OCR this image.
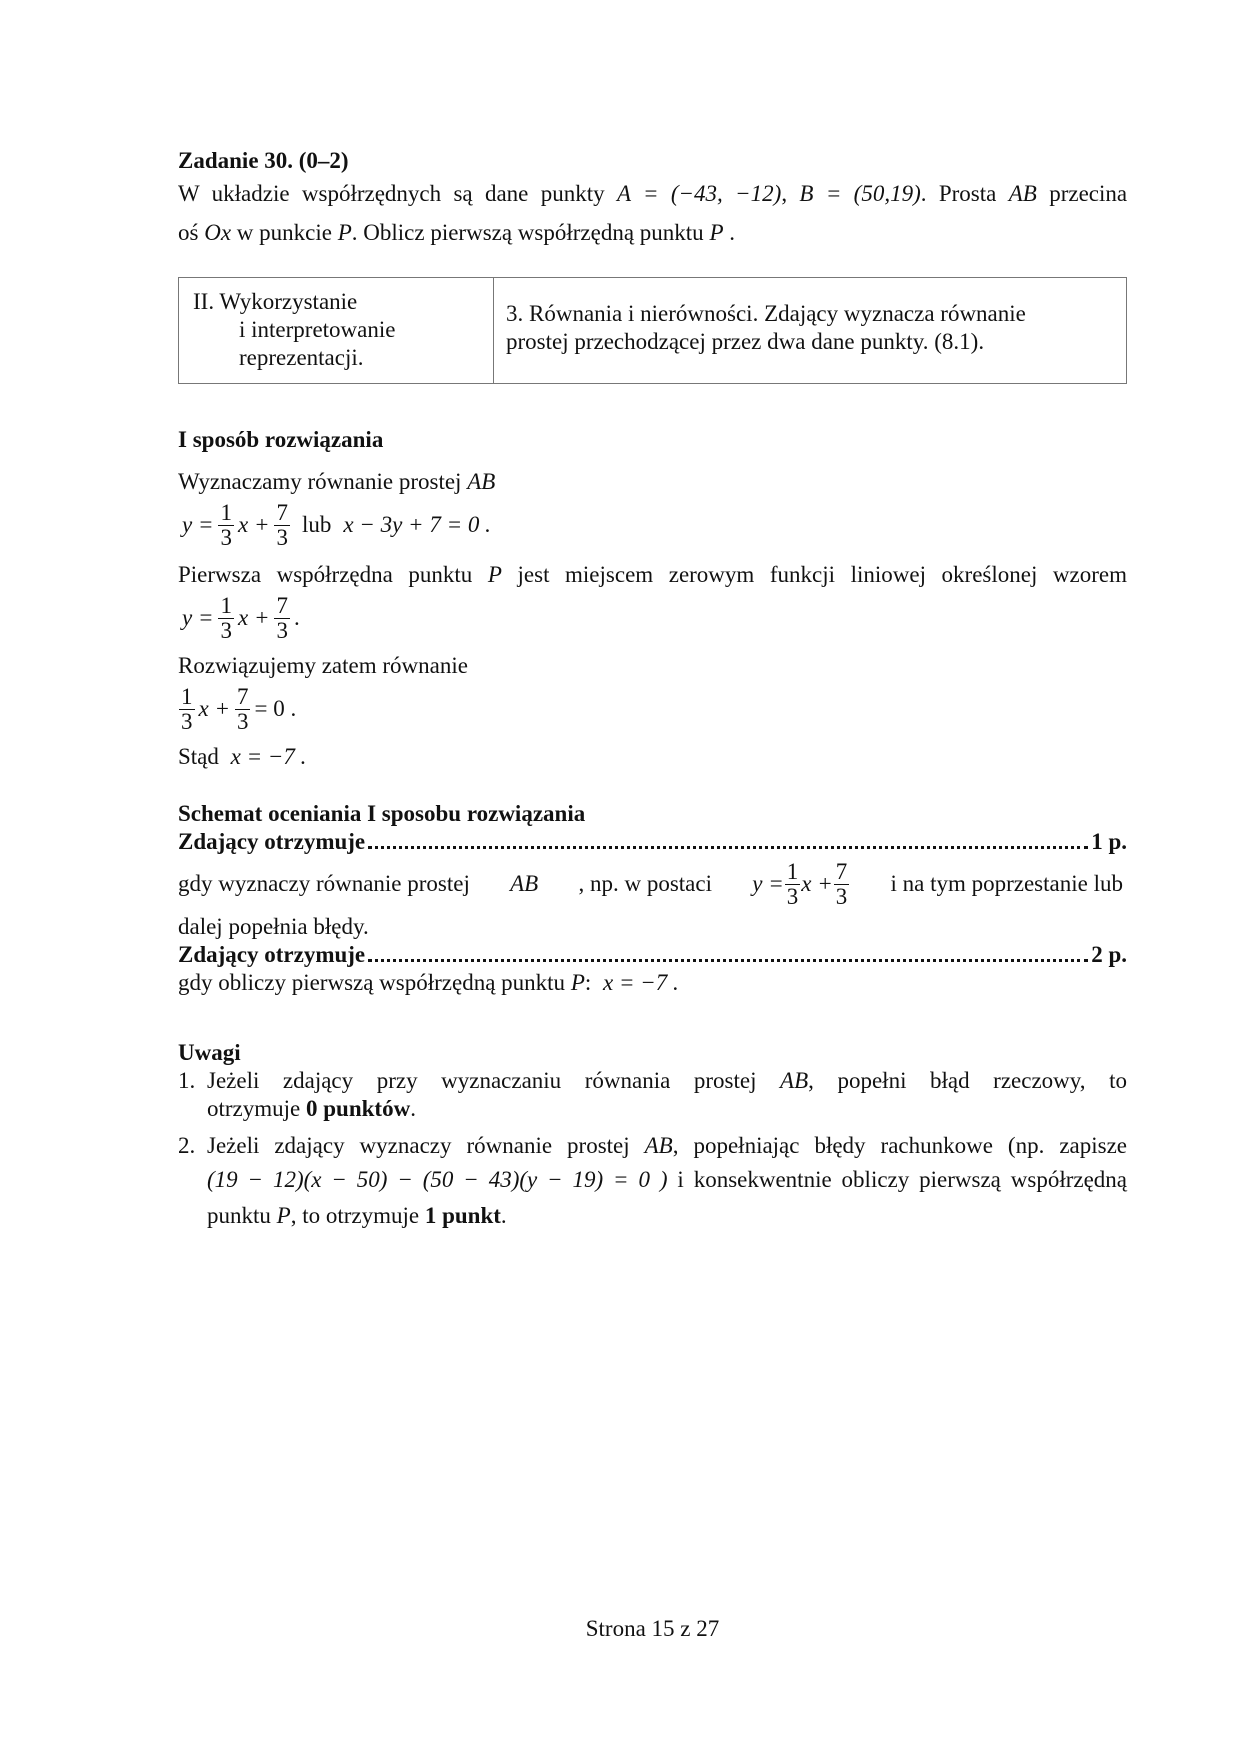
Zadanie 30. (0–2)
W układzie współrzędnych są dane punkty A = (−43, −12), B = (50,19). Prosta AB przecina
oś Ox w punkcie P. Oblicz pierwszą współrzędną punktu P .
II. Wykorzystanie
i interpretowanie
reprezentacji.

3. Równania i nierówności. Zdający wyznacza równanie
prostej przechodzącej przez dwa dane punkty. (8.1).
I sposób rozwiązania
Wyznaczamy równanie prostej AB
$y = \frac{1}{3}$ $x + \frac{7}{3}$ lub x − 3y + 7 = 0 .
Pierwsza współrzędna punktu P jest miejscem zerowym funkcji liniowej określonej wzorem
$y = \frac{1}{3}$ $x + \frac{7}{3}$ .
Rozwiązujemy zatem równanie
$\frac{1}{3}$ $x + \frac{7}{3} = 0$ .
Stąd x = −7 .
Schemat oceniania I sposobu rozwiązania
Zdający otrzymuje	1 p.
gdy wyznaczy równanie prostej AB , np. w postaci $y = \frac{1}{3}$ $x + \frac{7}{3}$ i na tym poprzestanie lub
dalej popełnia błędy.
Zdający otrzymuje	2 p.
gdy obliczy pierwszą współrzędną punktu P: x = −7 .
Uwagi
1. Jeżeli zdający przy wyznaczaniu równania prostej AB, popełni błąd rzeczowy, to
otrzymuje 0 punktów.
2. Jeżeli zdający wyznaczy równanie prostej AB, popełniając błędy rachunkowe (np. zapisze
(19 − 12)(x − 50) − (50 − 43)(y − 19) = 0 ) i konsekwentnie obliczy pierwszą współrzędną
punktu P, to otrzymuje 1 punkt.
Strona 15 z 27
